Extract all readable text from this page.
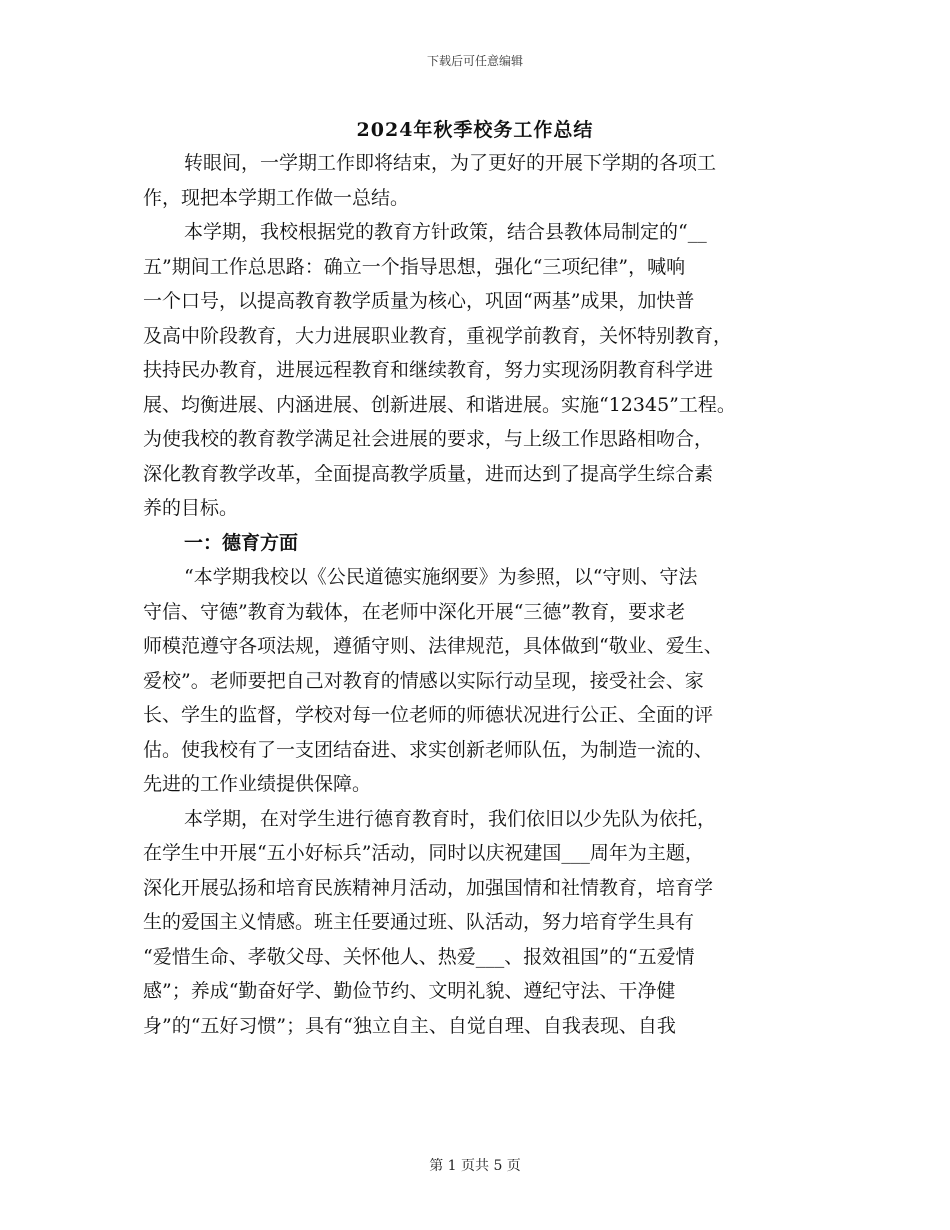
下载后可任意编辑
2024年秋季校务工作总结
转眼间，一学期工作即将结束，为了更好的开展下学期的各项工
作，现把本学期工作做一总结。
本学期，我校根据党的教育方针政策，结合县教体局制定的“__
五”期间工作总思路：确立一个指导思想，强化“三项纪律”，喊响
一个口号，以提高教育教学质量为核心，巩固“两基”成果，加快普
及高中阶段教育，大力进展职业教育，重视学前教育，关怀特别教育，
扶持民办教育，进展远程教育和继续教育，努力实现汤阴教育科学进
展、均衡进展、内涵进展、创新进展、和谐进展。实施“12345”工程。
为使我校的教育教学满足社会进展的要求，与上级工作思路相吻合，
深化教育教学改革，全面提高教学质量，进而达到了提高学生综合素
养的目标。
一：德育方面
“本学期我校以《公民道德实施纲要》为参照，以“守则、守法
守信、守德”教育为载体，在老师中深化开展“三德”教育，要求老
师模范遵守各项法规，遵循守则、法律规范，具体做到“敬业、爱生、
爱校”。老师要把自己对教育的情感以实际行动呈现，接受社会、家
长、学生的监督，学校对每一位老师的师德状况进行公正、全面的评
估。使我校有了一支团结奋进、求实创新老师队伍，为制造一流的、
先进的工作业绩提供保障。
本学期，在对学生进行德育教育时，我们依旧以少先队为依托，
在学生中开展“五小好标兵”活动，同时以庆祝建国___周年为主题，
深化开展弘扬和培育民族精神月活动，加强国情和社情教育，培育学
生的爱国主义情感。班主任要通过班、队活动，努力培育学生具有
“爱惜生命、孝敬父母、关怀他人、热爱___、报效祖国”的“五爱情
感”；养成“勤奋好学、勤俭节约、文明礼貌、遵纪守法、干净健
身”的“五好习惯”；具有“独立自主、自觉自理、自我表现、自我
第 1 页共 5 页
